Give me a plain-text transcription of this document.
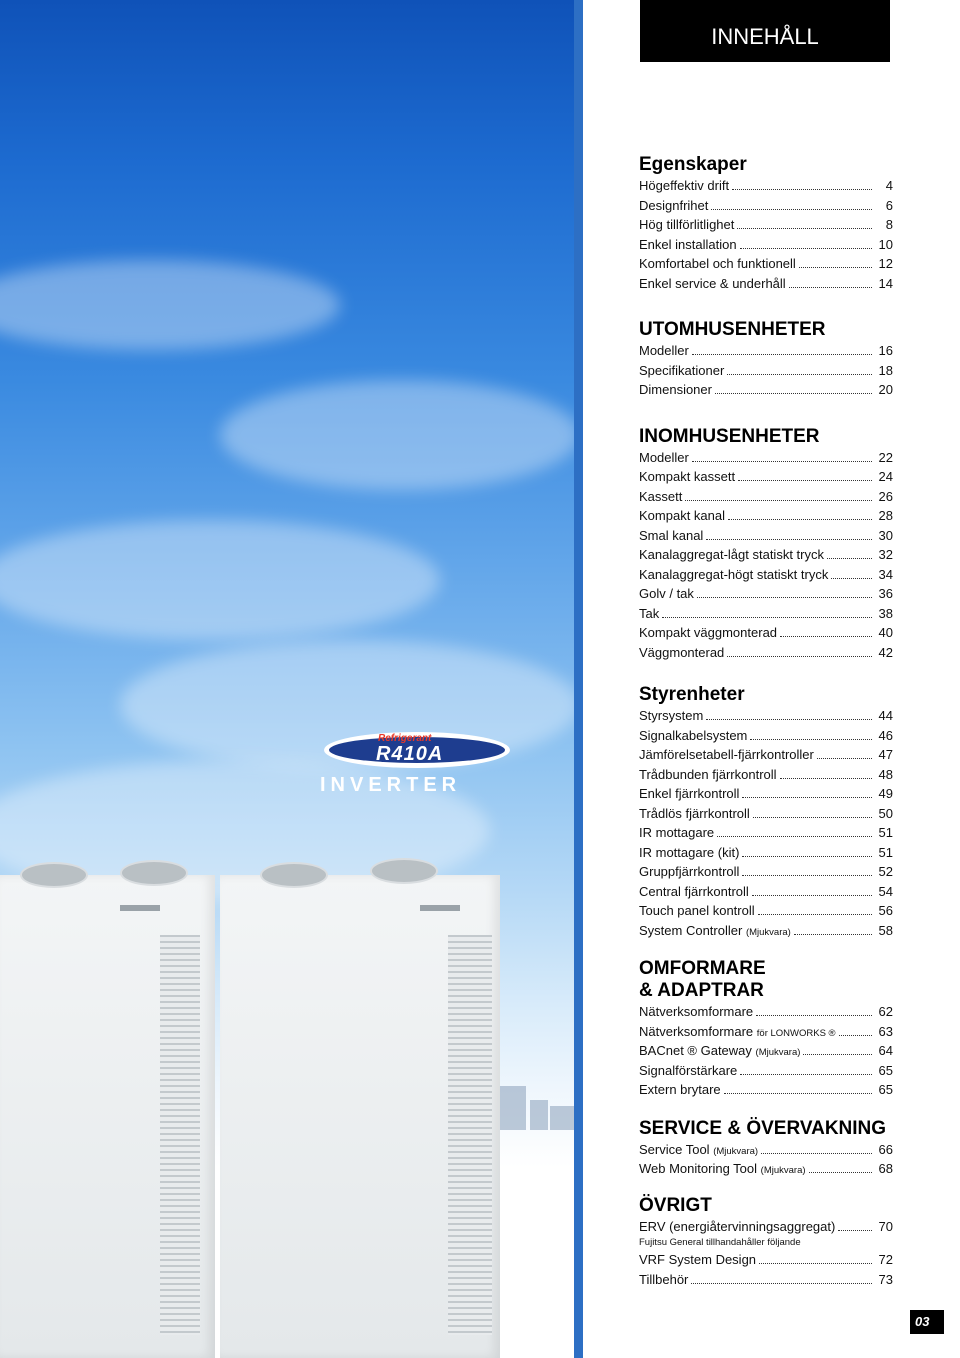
Refrigerant
R410A
INVERTER
INNEHÅLL
Egenskaper
Högeffektiv drift	4
Designfrihet	6
Hög tillförlitlighet	8
Enkel installation	10
Komfortabel och funktionell	12
Enkel service & underhåll	14
UTOMHUSENHETER
Modeller	16
Specifikationer	18
Dimensioner	20
INOMHUSENHETER
Modeller	22
Kompakt kassett	24
Kassett	26
Kompakt kanal	28
Smal kanal	30
Kanalaggregat-lågt statiskt tryck	32
Kanalaggregat-högt statiskt tryck	34
Golv / tak	36
Tak	38
Kompakt väggmonterad	40
Väggmonterad	42
Styrenheter
Styrsystem	44
Signalkabelsystem	46
Jämförelsetabell-fjärrkontroller	47
Trådbunden fjärrkontroll	48
Enkel fjärrkontroll	49
Trådlös fjärrkontroll	50
IR mottagare	51
IR mottagare (kit)	51
Gruppfjärrkontroll	52
Central fjärrkontroll	54
Touch panel kontroll	56
System Controller (Mjukvara)	58
OMFORMARE
& ADAPTRAR
Nätverksomformare	62
Nätverksomformare för LONWORKS ®	63
BACnet ® Gateway (Mjukvara)	64
Signalförstärkare	65
Extern brytare	65
SERVICE & ÖVERVAKNING
Service Tool (Mjukvara)	66
Web Monitoring Tool (Mjukvara)	68
ÖVRIGT
ERV (energiåtervinningsaggregat)	70
Fujitsu General tillhandahåller följande
VRF System Design	72
Tillbehör	73
03
